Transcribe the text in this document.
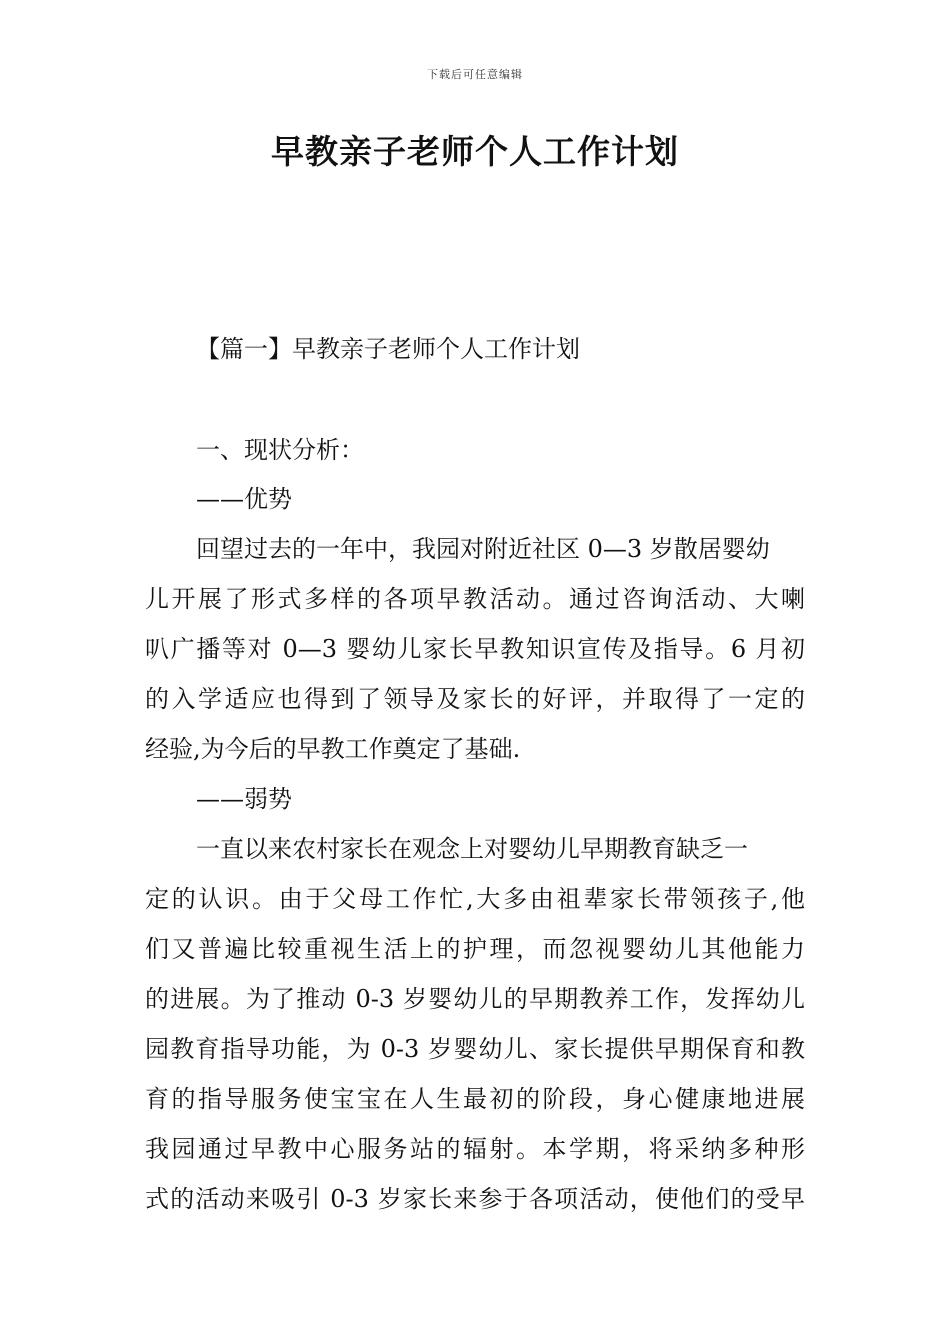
下载后可任意编辑
早教亲子老师个人工作计划
【篇一】早教亲子老师个人工作计划
一、现状分析：
——优势
回望过去的一年中，我园对附近社区 0—3 岁散居婴幼
儿开展了形式多样的各项早教活动。通过咨询活动、大喇
叭广播等对 0—3 婴幼儿家长早教知识宣传及指导。6 月初
的入学适应也得到了领导及家长的好评，并取得了一定的
经验,为今后的早教工作奠定了基础.
——弱势
一直以来农村家长在观念上对婴幼儿早期教育缺乏一
定的认识。由于父母工作忙,大多由祖辈家长带领孩子,他
们又普遍比较重视生活上的护理，而忽视婴幼儿其他能力
的进展。为了推动 0-3 岁婴幼儿的早期教养工作，发挥幼儿
园教育指导功能，为 0-3 岁婴幼儿、家长提供早期保育和教
育的指导服务使宝宝在人生最初的阶段，身心健康地进展
我园通过早教中心服务站的辐射。本学期，将采纳多种形
式的活动来吸引 0-3 岁家长来参于各项活动，使他们的受早
